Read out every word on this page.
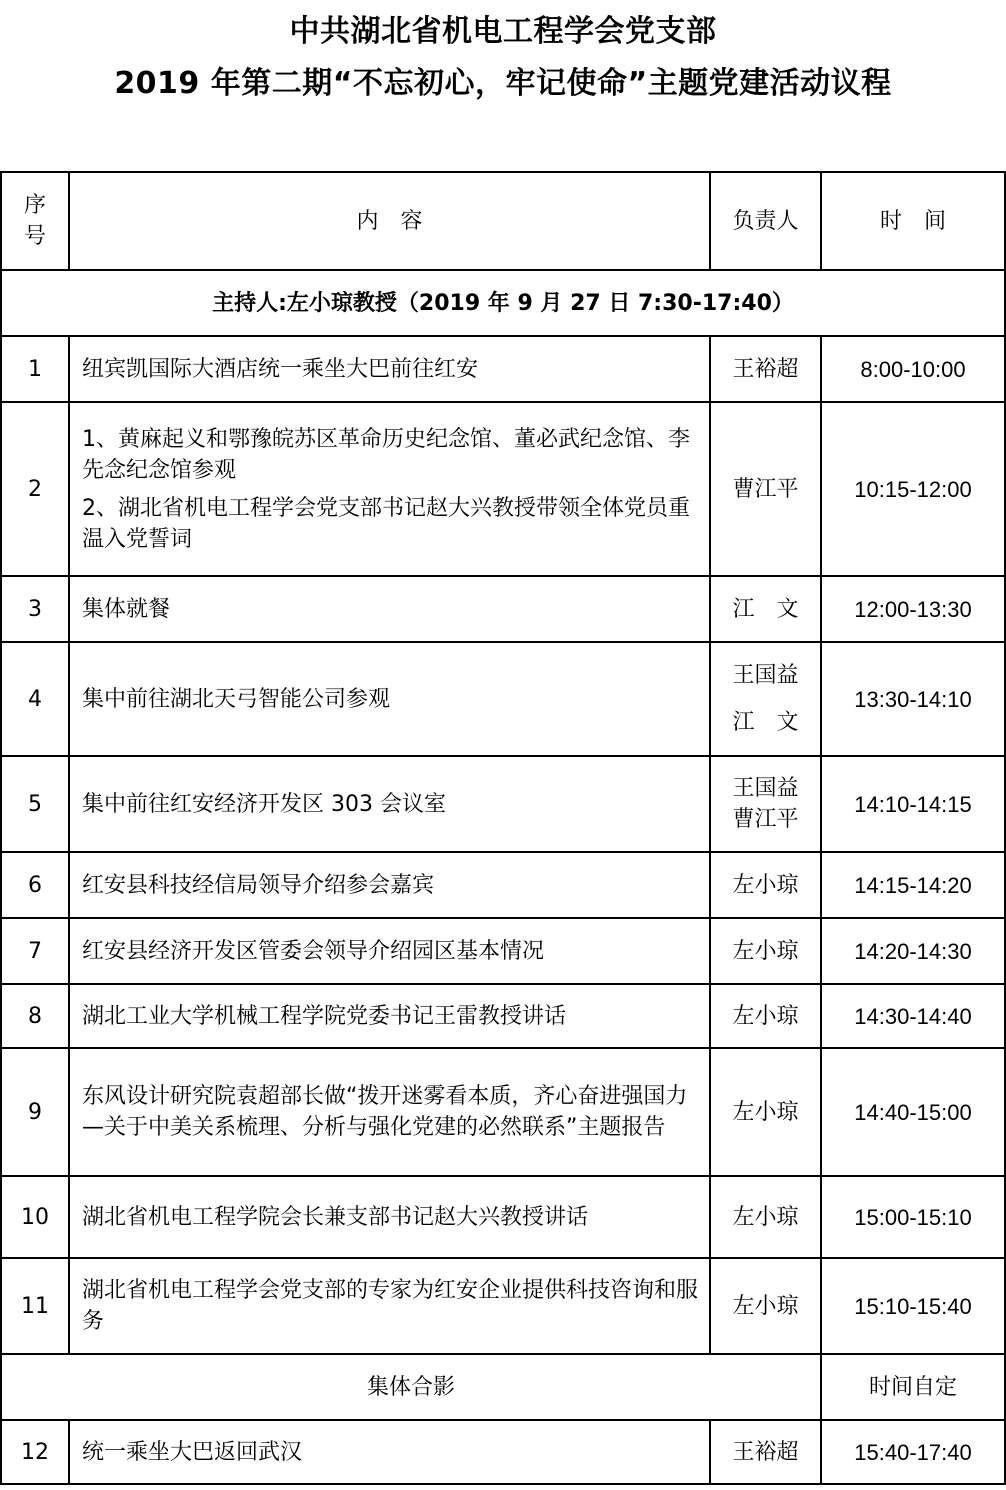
中共湖北省机电工程学会党支部
2019 年第二期“不忘初心，牢记使命”主题党建活动议程
序
号	内　容	负责人	时　间
主持人:左小琼教授（2019 年 9 月 27 日 7:30-17:40）			
1	纽宾凯国际大酒店统一乘坐大巴前往红安	王裕超	8:00-10:00
2	1、黄麻起义和鄂豫皖苏区革命历史纪念馆、董必武纪念馆、李先念纪念馆参观
2、湖北省机电工程学会党支部书记赵大兴教授带领全体党员重温入党誓词	曹江平	10:15-12:00
3	集体就餐	江　文	12:00-13:30
4	集中前往湖北天弓智能公司参观	王国益
江　文	13:30-14:10
5	集中前往红安经济开发区 303 会议室	王国益
曹江平	14:10-14:15
6	红安县科技经信局领导介绍参会嘉宾	左小琼	14:15-14:20
7	红安县经济开发区管委会领导介绍园区基本情况	左小琼	14:20-14:30
8	湖北工业大学机械工程学院党委书记王雷教授讲话	左小琼	14:30-14:40
9	东风设计研究院袁超部长做“拨开迷雾看本质，齐心奋进强国力—关于中美关系梳理、分析与强化党建的必然联系”主题报告	左小琼	14:40-15:00
10	湖北省机电工程学院会长兼支部书记赵大兴教授讲话	左小琼	15:00-15:10
11	湖北省机电工程学会党支部的专家为红安企业提供科技咨询和服务	左小琼	15:10-15:40
集体合影			时间自定
12	统一乘坐大巴返回武汉	王裕超	15:40-17:40
